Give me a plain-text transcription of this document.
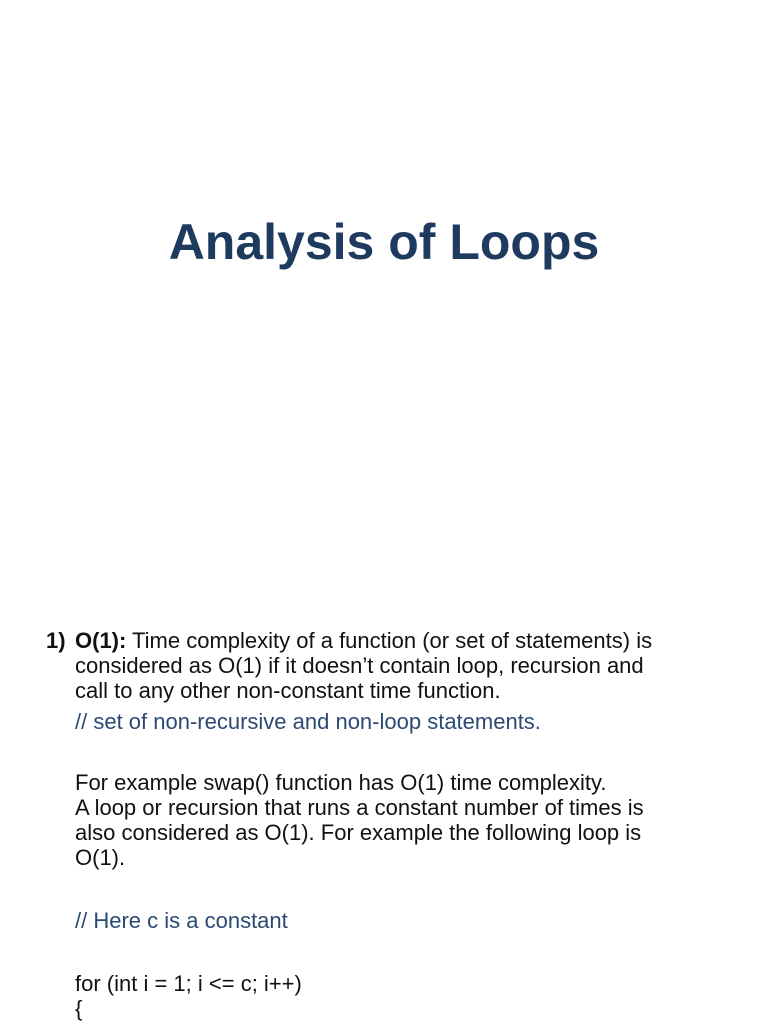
Analysis of Loops
1) O(1): Time complexity of a function (or set of statements) is
considered as O(1) if it doesn’t contain loop, recursion and
call to any other non-constant time function.
// set of non-recursive and non-loop statements.
For example swap() function has O(1) time complexity.
A loop or recursion that runs a constant number of times is
also considered as O(1). For example the following loop is
O(1).
// Here c is a constant
for (int i = 1; i <= c; i++)
{
